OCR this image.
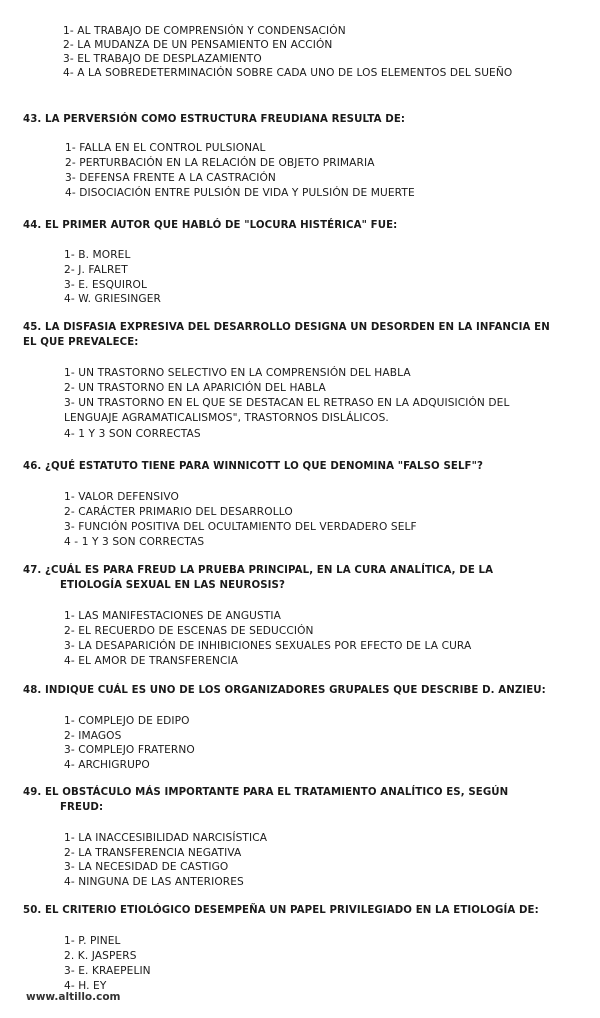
1- AL TRABAJO DE COMPRENSIÓN Y CONDENSACIÓN
2- LA MUDANZA DE UN PENSAMIENTO EN ACCIÓN
3- EL TRABAJO DE DESPLAZAMIENTO
4- A LA SOBREDETERMINACIÓN SOBRE CADA UNO DE LOS ELEMENTOS DEL SUEÑO
43. LA PERVERSIÓN COMO ESTRUCTURA FREUDIANA RESULTA DE:
1- FALLA EN EL CONTROL PULSIONAL
2- PERTURBACIÓN EN LA RELACIÓN DE OBJETO PRIMARIA
3- DEFENSA FRENTE A LA CASTRACIÓN
4- DISOCIACIÓN ENTRE PULSIÓN DE VIDA Y PULSIÓN DE MUERTE
44. EL PRIMER AUTOR QUE HABLÓ DE "LOCURA HISTÉRICA" FUE:
1- B. MOREL
2- J. FALRET
3- E. ESQUIROL
4- W. GRIESINGER
45. LA DISFASIA EXPRESIVA DEL DESARROLLO DESIGNA UN DESORDEN EN LA INFANCIA EN EL QUE PREVALECE:
1- UN TRASTORNO SELECTIVO EN LA COMPRENSIÓN DEL HABLA
2- UN TRASTORNO EN LA APARICIÓN DEL HABLA
3- UN TRASTORNO EN EL QUE SE DESTACAN EL RETRASO EN LA ADQUISICIÓN DEL LENGUAJE AGRAMATICALISMOS", TRASTORNOS DISLÁLICOS.
4- 1 Y 3 SON CORRECTAS
46. ¿QUÉ ESTATUTO TIENE PARA WINNICOTT LO QUE DENOMINA "FALSO SELF"?
1- VALOR DEFENSIVO
2- CARÁCTER PRIMARIO DEL DESARROLLO
3- FUNCIÓN POSITIVA DEL OCULTAMIENTO DEL VERDADERO SELF
4 - 1 Y 3 SON CORRECTAS
47. ¿CUÁL ES PARA FREUD LA PRUEBA PRINCIPAL, EN LA CURA ANALÍTICA, DE LA
ETIOLOGÍA SEXUAL EN LAS NEUROSIS?
1- LAS MANIFESTACIONES DE ANGUSTIA
2- EL RECUERDO DE ESCENAS DE SEDUCCIÓN
3- LA DESAPARICIÓN DE INHIBICIONES SEXUALES POR EFECTO DE LA CURA
4- EL AMOR DE TRANSFERENCIA
48. INDIQUE CUÁL ES UNO DE LOS ORGANIZADORES GRUPALES QUE DESCRIBE D. ANZIEU:
1- COMPLEJO DE EDIPO
2- IMAGOS
3- COMPLEJO FRATERNO
4- ARCHIGRUPO
49. EL OBSTÁCULO MÁS IMPORTANTE PARA EL TRATAMIENTO ANALÍTICO ES, SEGÚN
FREUD:
1- LA INACCESIBILIDAD NARCISÍSTICA
2- LA TRANSFERENCIA NEGATIVA
3- LA NECESIDAD DE CASTIGO
4- NINGUNA DE LAS ANTERIORES
50. EL CRITERIO ETIOLÓGICO DESEMPEÑA UN PAPEL PRIVILEGIADO EN LA ETIOLOGÍA DE:
1- P. PINEL
2. K. JASPERS
3- E. KRAEPELIN
4- H. EY
www.altillo.com
